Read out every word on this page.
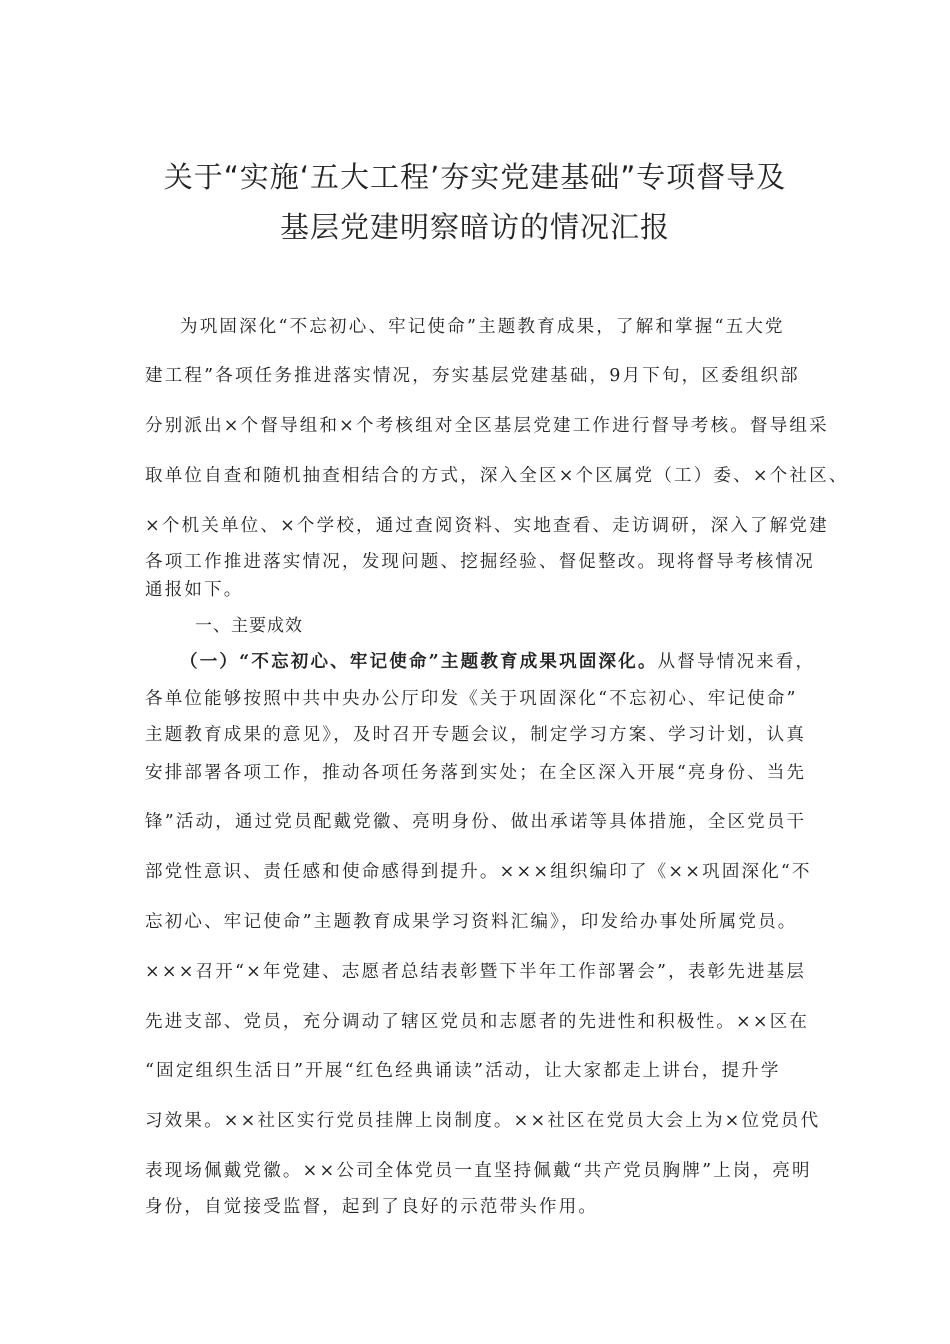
关于“实施‘五大工程’夯实党建基础”专项督导及
基层党建明察暗访的情况汇报
为巩固深化“不忘初心、牢记使命”主题教育成果，了解和掌握“五大党
建工程”各项任务推进落实情况，夯实基层党建基础，9月下旬，区委组织部
分别派出×个督导组和×个考核组对全区基层党建工作进行督导考核。督导组采
取单位自查和随机抽查相结合的方式，深入全区×个区属党（工）委、×个社区、
×个机关单位、×个学校，通过查阅资料、实地查看、走访调研，深入了解党建
各项工作推进落实情况，发现问题、挖掘经验、督促整改。现将督导考核情况
通报如下。
一、主要成效
（一）“不忘初心、牢记使命”主题教育成果巩固深化。从督导情况来看，
各单位能够按照中共中央办公厅印发《关于巩固深化“不忘初心、牢记使命”
主题教育成果的意见》，及时召开专题会议，制定学习方案、学习计划，认真
安排部署各项工作，推动各项任务落到实处；在全区深入开展“亮身份、当先
锋”活动，通过党员配戴党徽、亮明身份、做出承诺等具体措施，全区党员干
部党性意识、责任感和使命感得到提升。×××组织编印了《××巩固深化“不
忘初心、牢记使命”主题教育成果学习资料汇编》，印发给办事处所属党员。
×××召开“×年党建、志愿者总结表彰暨下半年工作部署会”，表彰先进基层
先进支部、党员，充分调动了辖区党员和志愿者的先进性和积极性。××区在
“固定组织生活日”开展“红色经典诵读”活动，让大家都走上讲台，提升学
习效果。××社区实行党员挂牌上岗制度。××社区在党员大会上为×位党员代
表现场佩戴党徽。××公司全体党员一直坚持佩戴“共产党员胸牌”上岗，亮明
身份，自觉接受监督，起到了良好的示范带头作用。
